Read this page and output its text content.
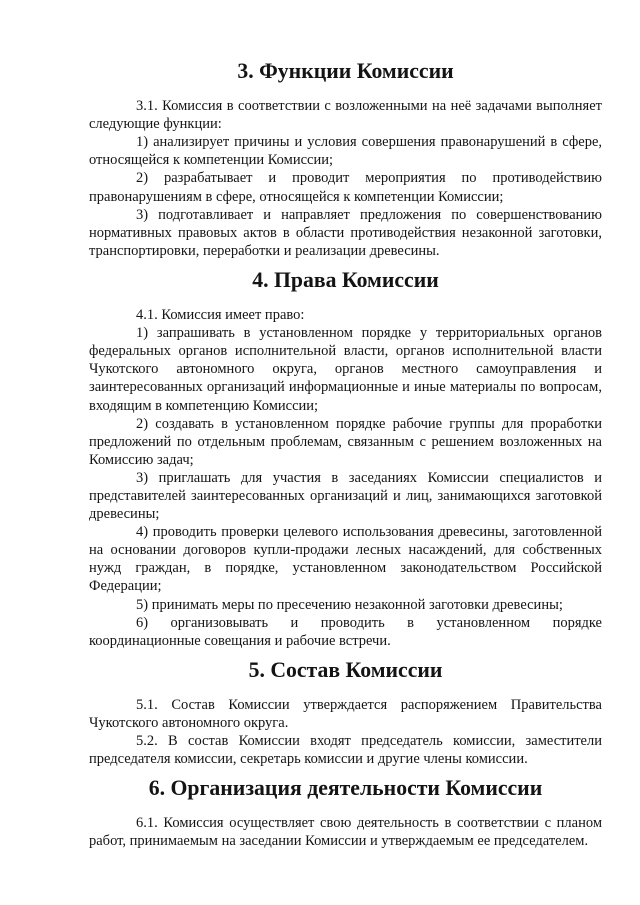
3. Функции Комиссии

3.1. Комиссия в соответствии с возложенными на неё задачами выполняет следующие функции:

1) анализирует причины и условия совершения правонарушений в сфере, относящейся к компетенции Комиссии;

2) разрабатывает и проводит мероприятия по противодействию правонарушениям в сфере, относящейся к компетенции Комиссии;

3) подготавливает и направляет предложения по совершенствованию нормативных правовых актов в области противодействия незаконной заготовки, транспортировки, переработки и реализации древесины.

4. Права Комиссии

4.1. Комиссия имеет право:

1) запрашивать в установленном порядке у территориальных органов федеральных органов исполнительной власти, органов исполнительной власти Чукотского автономного округа, органов местного самоуправления и заинтересованных организаций информационные и иные материалы по вопросам, входящим в компетенцию Комиссии;

2) создавать в установленном порядке рабочие группы для проработки предложений по отдельным проблемам, связанным с решением возложенных на Комиссию задач;

3) приглашать для участия в заседаниях Комиссии специалистов и представителей заинтересованных организаций и лиц, занимающихся заготовкой древесины;

4) проводить проверки целевого использования древесины, заготовленной на основании договоров купли-продажи лесных насаждений, для собственных нужд граждан, в порядке, установленном законодательством Российской Федерации;

5) принимать меры по пресечению незаконной заготовки древесины;

6) организовывать и проводить в установленном порядке координационные совещания и рабочие встречи.

5. Состав Комиссии

5.1. Состав Комиссии утверждается распоряжением Правительства Чукотского автономного округа.

5.2. В состав Комиссии входят председатель комиссии, заместители председателя комиссии, секретарь комиссии и другие члены комиссии.

6. Организация деятельности Комиссии

6.1. Комиссия осуществляет свою деятельность в соответствии с планом работ, принимаемым на заседании Комиссии и утверждаемым ее председателем.
